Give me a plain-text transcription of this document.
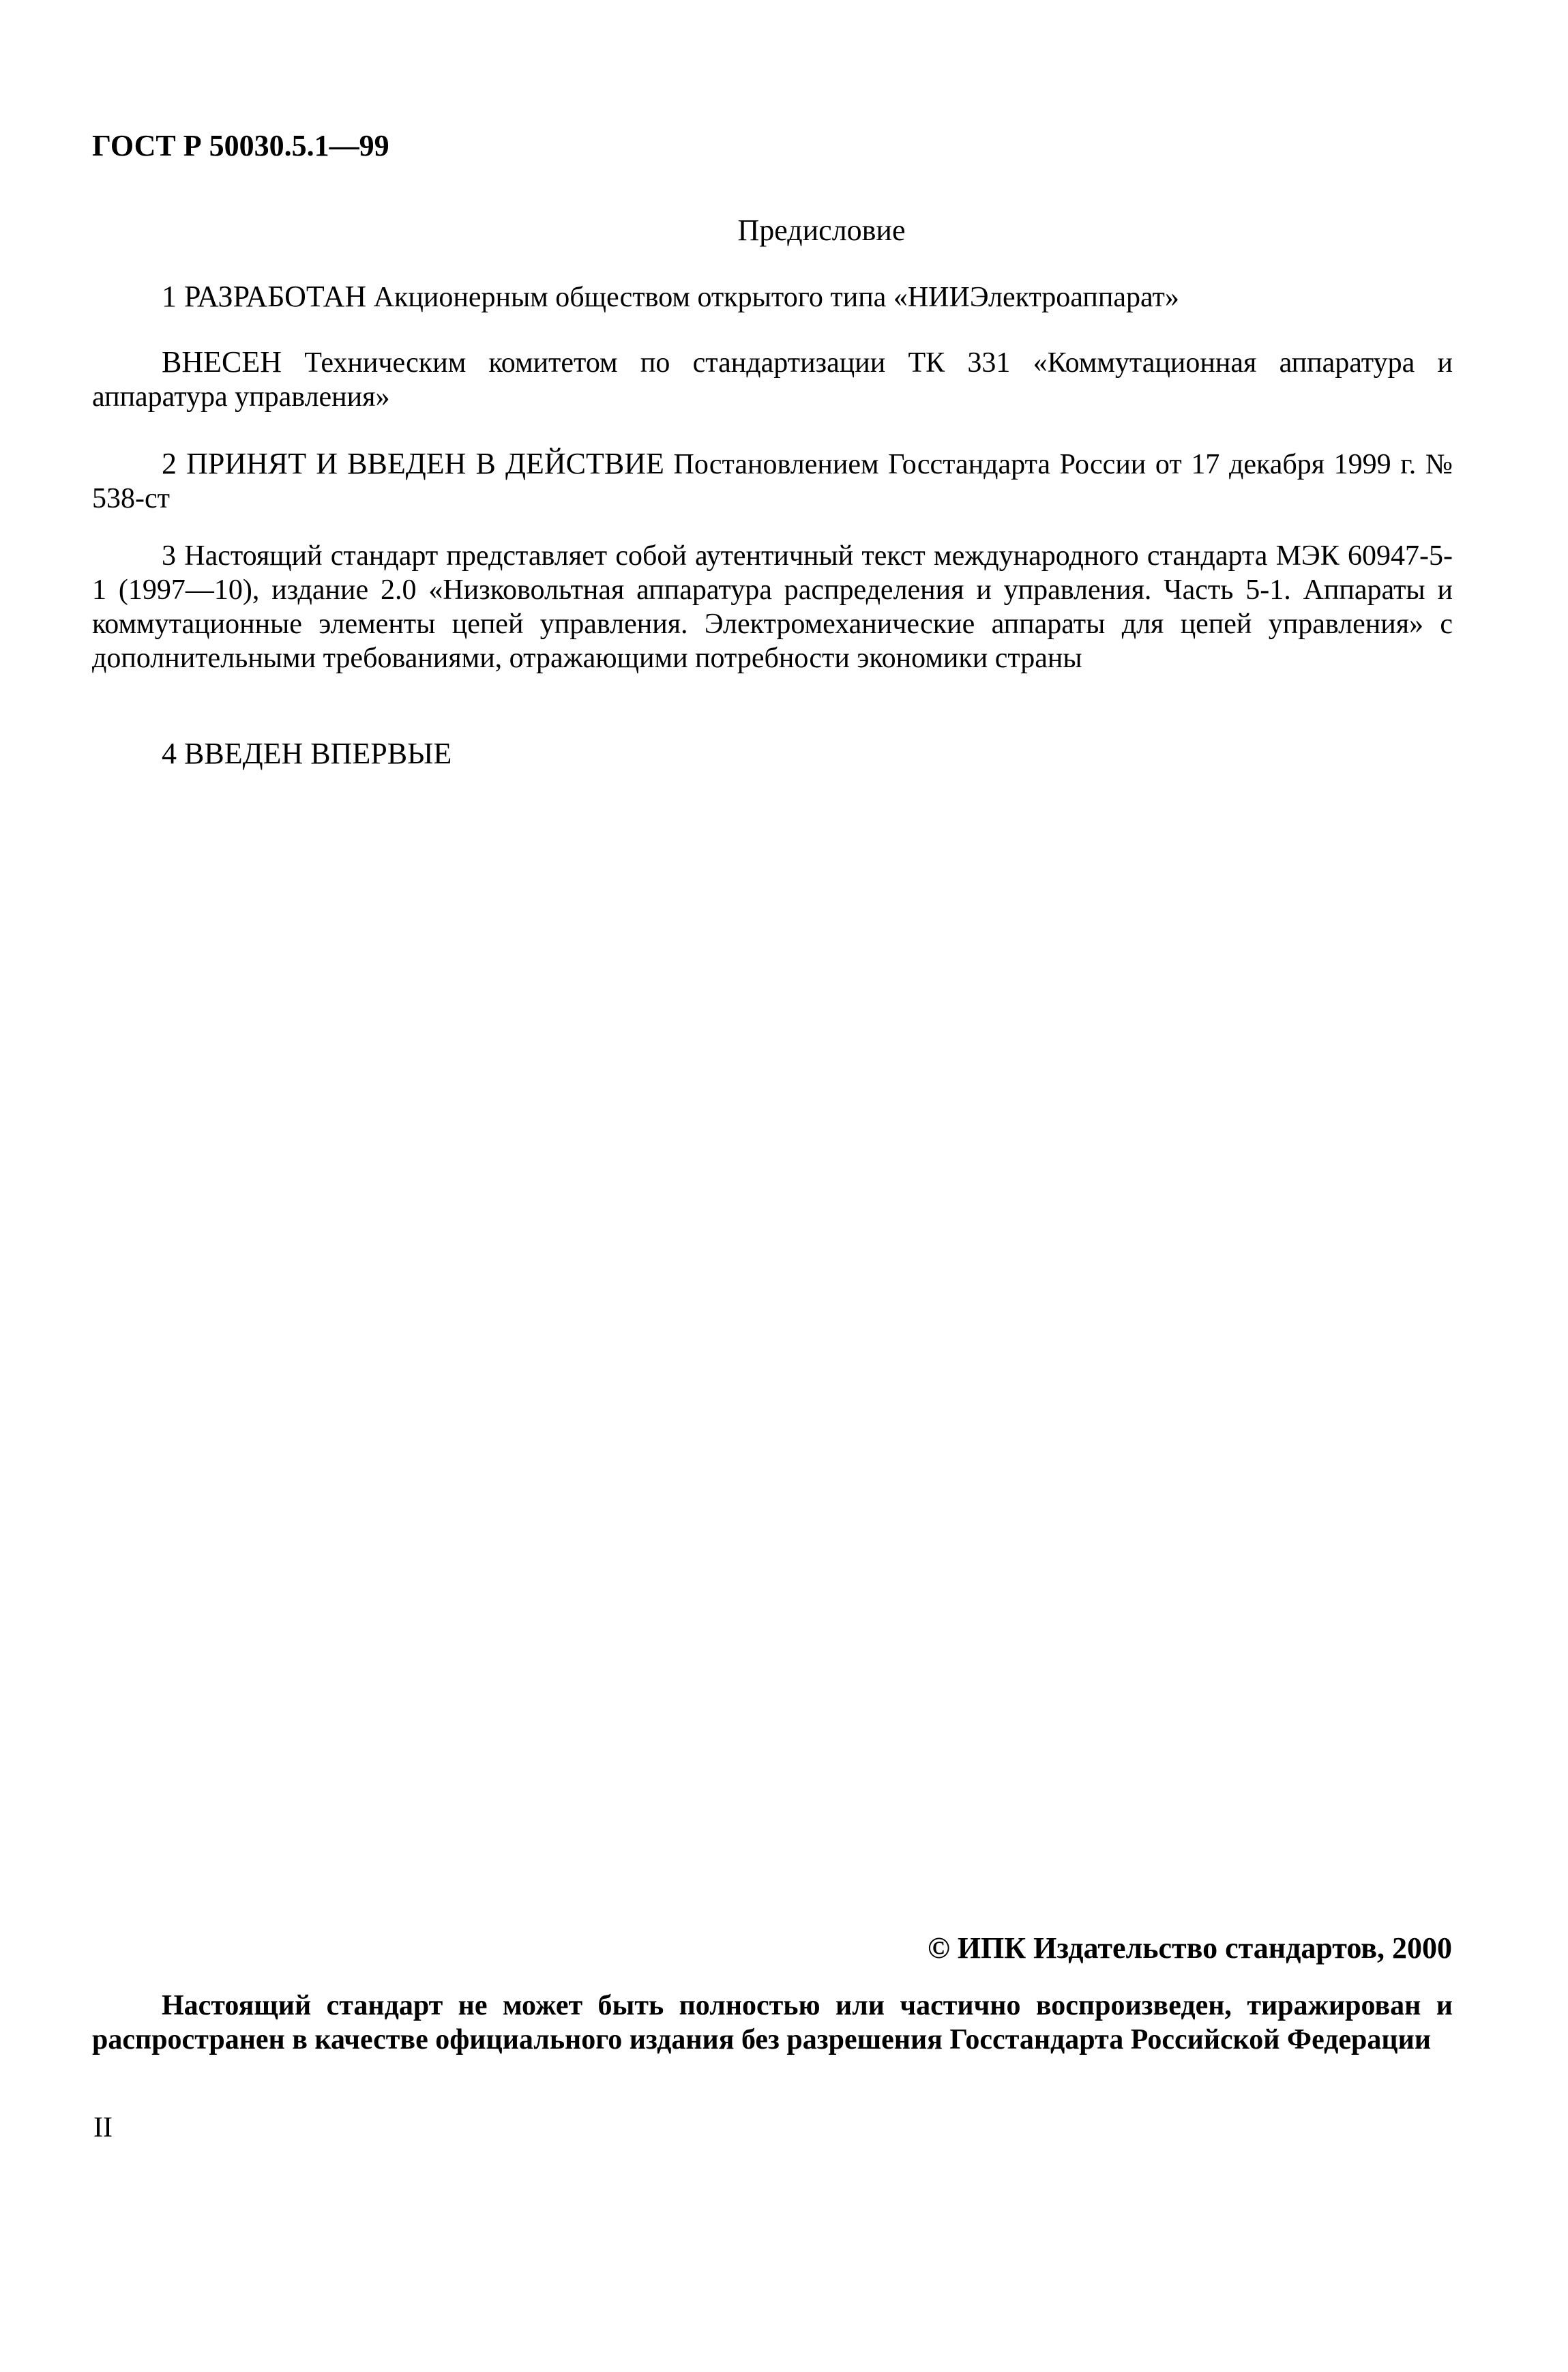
ГОСТ Р 50030.5.1—99
Предисловие
1 РАЗРАБОТАН Акционерным обществом открытого типа «НИИЭлектроаппарат»
ВНЕСЕН Техническим комитетом по стандартизации ТК 331 «Коммутационная аппаратура и аппаратура управления»
2 ПРИНЯТ И ВВЕДЕН В ДЕЙСТВИЕ Постановлением Госстандарта России от 17 декабря 1999 г. № 538-ст
3 Настоящий стандарт представляет собой аутентичный текст международного стандарта МЭК 60947-5-1 (1997—10), издание 2.0 «Низковольтная аппаратура распределения и управления. Часть 5-1. Аппараты и коммутационные элементы цепей управления. Электромеханические аппараты для цепей управления» с дополнительными требованиями, отражающими потребности экономики страны
4 ВВЕДЕН ВПЕРВЫЕ
© ИПК Издательство стандартов, 2000
Настоящий стандарт не может быть полностью или частично воспроизведен, тиражирован и распространен в качестве официального издания без разрешения Госстандарта Российской Федерации
II
